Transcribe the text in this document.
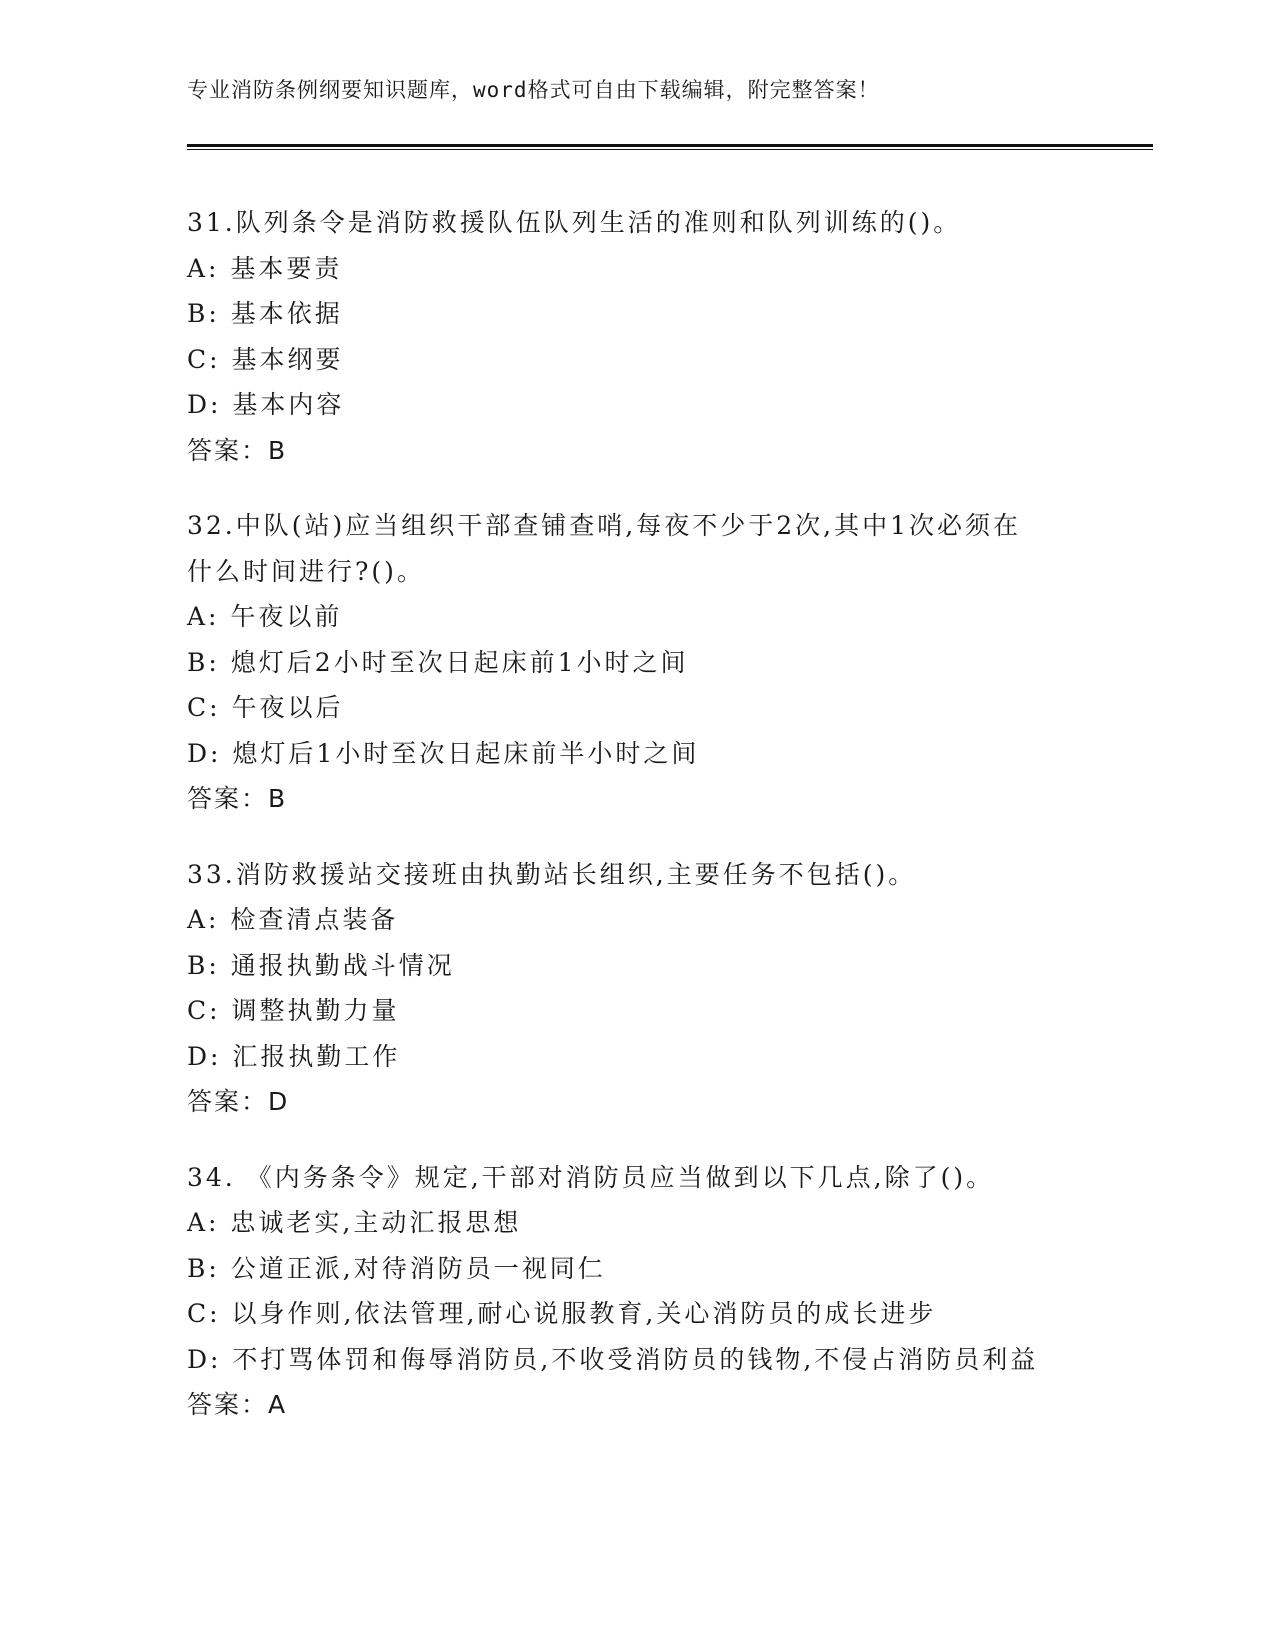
专业消防条例纲要知识题库，word格式可自由下载编辑，附完整答案！
31.队列条令是消防救援队伍队列生活的准则和队列训练的()。
A: 基本要责
B: 基本依据
C: 基本纲要
D: 基本内容
答案：B
32.中队(站)应当组织干部查铺查哨,每夜不少于2次,其中1次必须在
什么时间进行?()。
A: 午夜以前
B: 熄灯后2小时至次日起床前1小时之间
C: 午夜以后
D: 熄灯后1小时至次日起床前半小时之间
答案：B
33.消防救援站交接班由执勤站长组织,主要任务不包括()。
A: 检查清点装备
B: 通报执勤战斗情况
C: 调整执勤力量
D: 汇报执勤工作
答案：D
34. 《内务条令》规定,干部对消防员应当做到以下几点,除了()。
A: 忠诚老实,主动汇报思想
B: 公道正派,对待消防员一视同仁
C: 以身作则,依法管理,耐心说服教育,关心消防员的成长进步
D: 不打骂体罚和侮辱消防员,不收受消防员的钱物,不侵占消防员利益
答案：A
